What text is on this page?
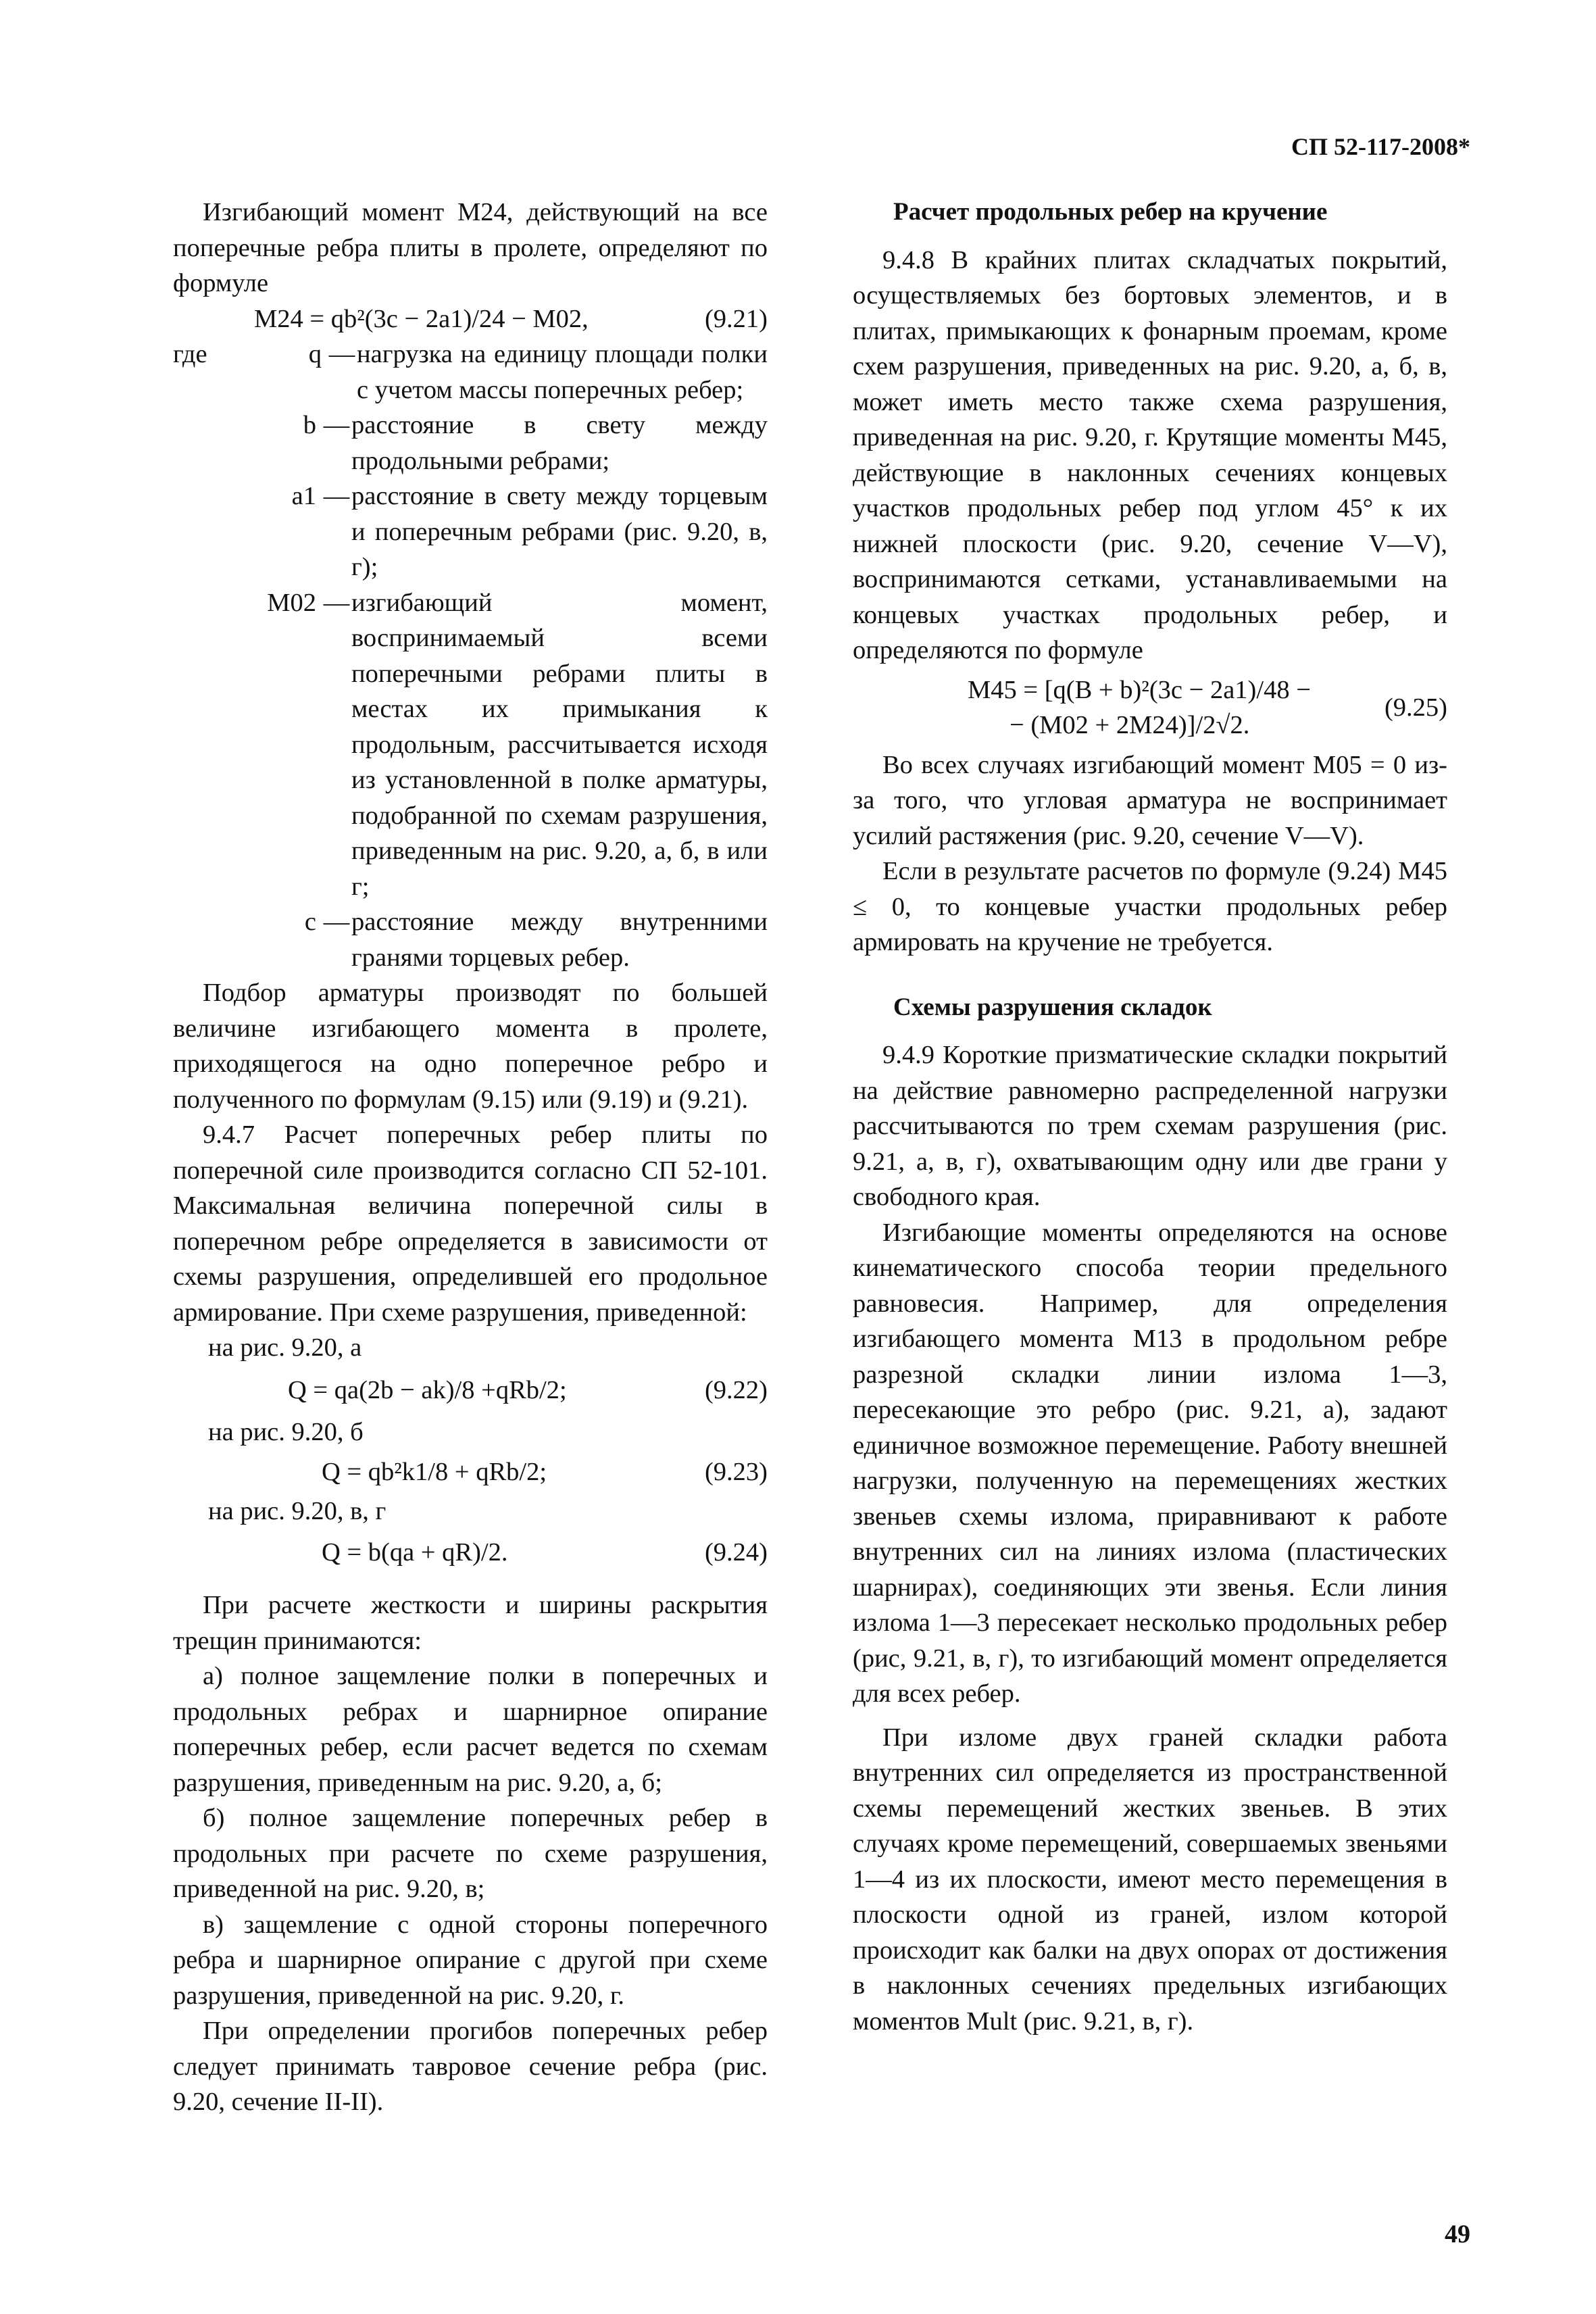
СП 52-117-2008*

Изгибающий момент M24, действующий на все поперечные ребра плиты в пролете, определяют по формуле

M24 = qb²(3c − 2a1)/24 − M02,	(9.21)
где	q — нагрузка на единицу площади полки с учетом массы поперечных ребер;
b — расстояние в свету между продольными ребрами;
a1 — расстояние в свету между торцевым и поперечным ребрами (рис. 9.20, в, г);
M02 — изгибающий момент, воспринимаемый всеми поперечными ребрами плиты в местах их примыкания к продольным, рассчитывается исходя из установленной в полке арматуры, подобранной по схемам разрушения, приведенным на рис. 9.20, а, б, в или г;
c — расстояние между внутренними гранями торцевых ребер.

Подбор арматуры производят по большей величине изгибающего момента в пролете, приходящегося на одно поперечное ребро и полученного по формулам (9.15) или (9.19) и (9.21).

9.4.7 Расчет поперечных ребер плиты по поперечной силе производится согласно СП 52-101. Максимальная величина поперечной силы в поперечном ребре определяется в зависимости от схемы разрушения, определившей его продольное армирование. При схеме разрушения, приведенной:

на рис. 9.20, а

Q = qa(2b − ak)/8 +qRb/2;	(9.22)

на рис. 9.20, б

Q = qb²k1/8 + qRb/2;	(9.23)

на рис. 9.20, в, г

Q = b(qa + qR)/2.	(9.24)

При расчете жесткости и ширины раскрытия трещин принимаются:

а) полное защемление полки в поперечных и продольных ребрах и шарнирное опирание поперечных ребер, если расчет ведется по схемам разрушения, приведенным на рис. 9.20, а, б;

б) полное защемление поперечных ребер в продольных при расчете по схеме разрушения, приведенной на рис. 9.20, в;

в) защемление с одной стороны поперечного ребра и шарнирное опирание с другой при схеме разрушения, приведенной на рис. 9.20, г.

При определении прогибов поперечных ребер следует принимать тавровое сечение ребра (рис. 9.20, сечение II-II).

Расчет продольных ребер на кручение

9.4.8 В крайних плитах складчатых покрытий, осуществляемых без бортовых элементов, и в плитах, примыкающих к фонарным проемам, кроме схем разрушения, приведенных на рис. 9.20, а, б, в, может иметь место также схема разрушения, приведенная на рис. 9.20, г. Крутящие моменты M45, действующие в наклонных сечениях концевых участков продольных ребер под углом 45° к их нижней плоскости (рис. 9.20, сечение V—V), воспринимаются сетками, устанавливаемыми на концевых участках продольных ребер, и определяются по формуле

M45 = [q(B + b)²(3c − 2a1)/48 −
− (M02 + 2M24)]/2√2.
(9.25)

Во всех случаях изгибающий момент M05 = 0 из-за того, что угловая арматура не воспринимает усилий растяжения (рис. 9.20, сечение V—V).

Если в результате расчетов по формуле (9.24) M45 ≤ 0, то концевые участки продольных ребер армировать на кручение не требуется.

Схемы разрушения складок

9.4.9 Короткие призматические складки покрытий на действие равномерно распределенной нагрузки рассчитываются по трем схемам разрушения (рис. 9.21, а, в, г), охватывающим одну или две грани у свободного края.

Изгибающие моменты определяются на основе кинематического способа теории предельного равновесия. Например, для определения изгибающего момента M13 в продольном ребре разрезной складки линии излома 1—3, пересекающие это ребро (рис. 9.21, а), задают единичное возможное перемещение. Работу внешней нагрузки, полученную на перемещениях жестких звеньев схемы излома, приравнивают к работе внутренних сил на линиях излома (пластических шарнирах), соединяющих эти звенья. Если линия излома 1—3 пересекает несколько продольных ребер (рис, 9.21, в, г), то изгибающий момент определяется для всех ребер.

При изломе двух граней складки работа внутренних сил определяется из пространственной схемы перемещений жестких звеньев. В этих случаях кроме перемещений, совершаемых звеньями 1—4 из их плоскости, имеют место перемещения в плоскости одной из граней, излом которой происходит как балки на двух опорах от достижения в наклонных сечениях предельных изгибающих моментов Mult (рис. 9.21, в, г).

49
